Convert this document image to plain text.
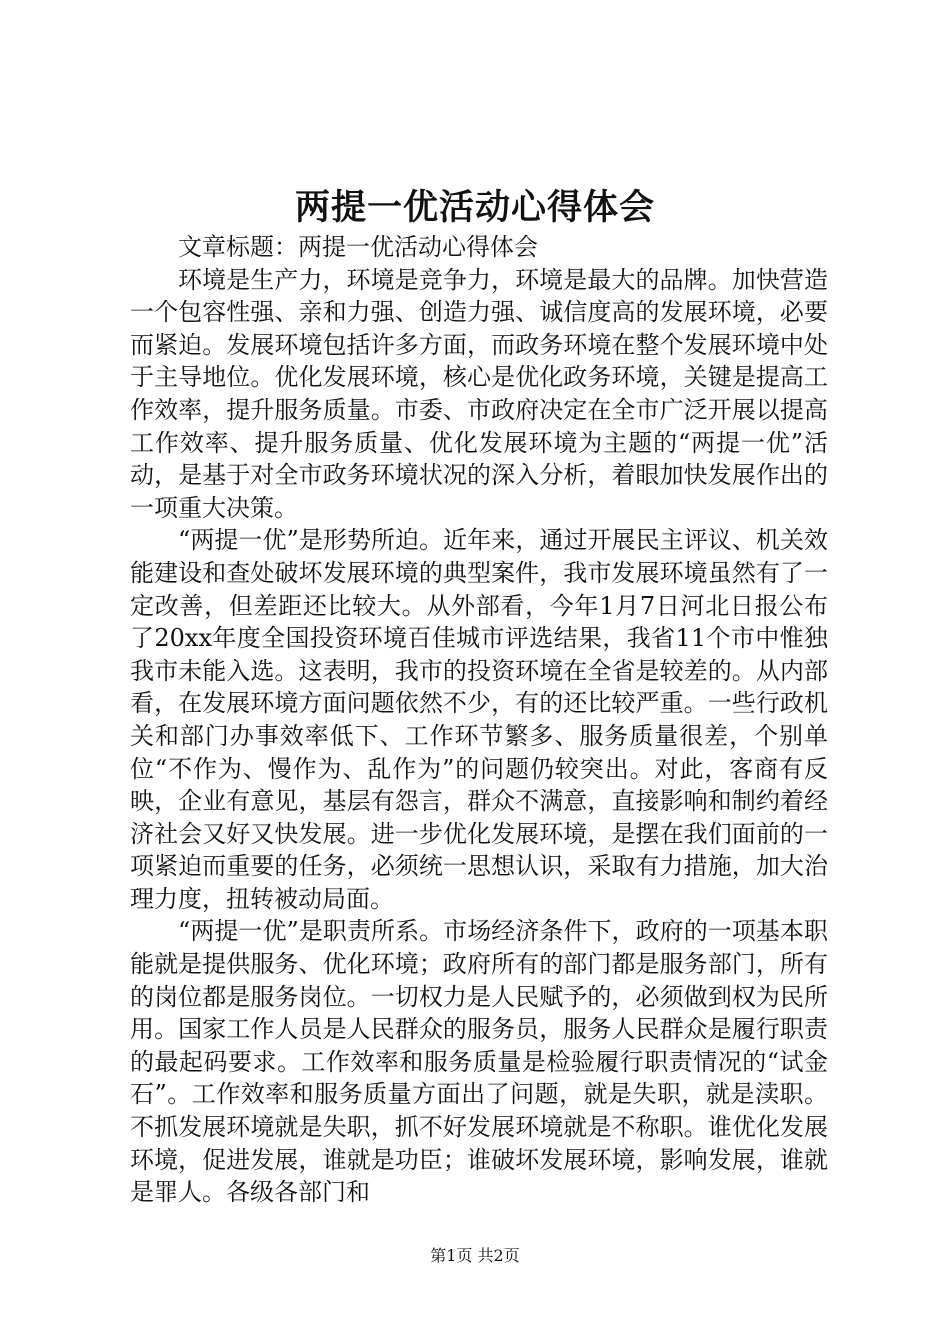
两提一优活动心得体会

文章标题：两提一优活动心得体会

环境是生产力，环境是竞争力，环境是最大的品牌。加快营造一个包容性强、亲和力强、创造力强、诚信度高的发展环境，必要而紧迫。发展环境包括许多方面，而政务环境在整个发展环境中处于主导地位。优化发展环境，核心是优化政务环境，关键是提高工作效率，提升服务质量。市委、市政府决定在全市广泛开展以提高工作效率、提升服务质量、优化发展环境为主题的“两提一优”活动，是基于对全市政务环境状况的深入分析，着眼加快发展作出的一项重大决策。

“两提一优”是形势所迫。近年来，通过开展民主评议、机关效能建设和查处破坏发展环境的典型案件，我市发展环境虽然有了一定改善，但差距还比较大。从外部看，今年1月7日河北日报公布了20xx年度全国投资环境百佳城市评选结果，我省11个市中惟独我市未能入选。这表明，我市的投资环境在全省是较差的。从内部看，在发展环境方面问题依然不少，有的还比较严重。一些行政机关和部门办事效率低下、工作环节繁多、服务质量很差，个别单位“不作为、慢作为、乱作为”的问题仍较突出。对此，客商有反映，企业有意见，基层有怨言，群众不满意，直接影响和制约着经济社会又好又快发展。进一步优化发展环境，是摆在我们面前的一项紧迫而重要的任务，必须统一思想认识，采取有力措施，加大治理力度，扭转被动局面。

“两提一优”是职责所系。市场经济条件下，政府的一项基本职能就是提供服务、优化环境；政府所有的部门都是服务部门，所有的岗位都是服务岗位。一切权力是人民赋予的，必须做到权为民所用。国家工作人员是人民群众的服务员，服务人民群众是履行职责的最起码要求。工作效率和服务质量是检验履行职责情况的“试金石”。工作效率和服务质量方面出了问题，就是失职，就是渎职。不抓发展环境就是失职，抓不好发展环境就是不称职。谁优化发展环境，促进发展，谁就是功臣；谁破坏发展环境，影响发展，谁就是罪人。各级各部门和

第1页 共2页
